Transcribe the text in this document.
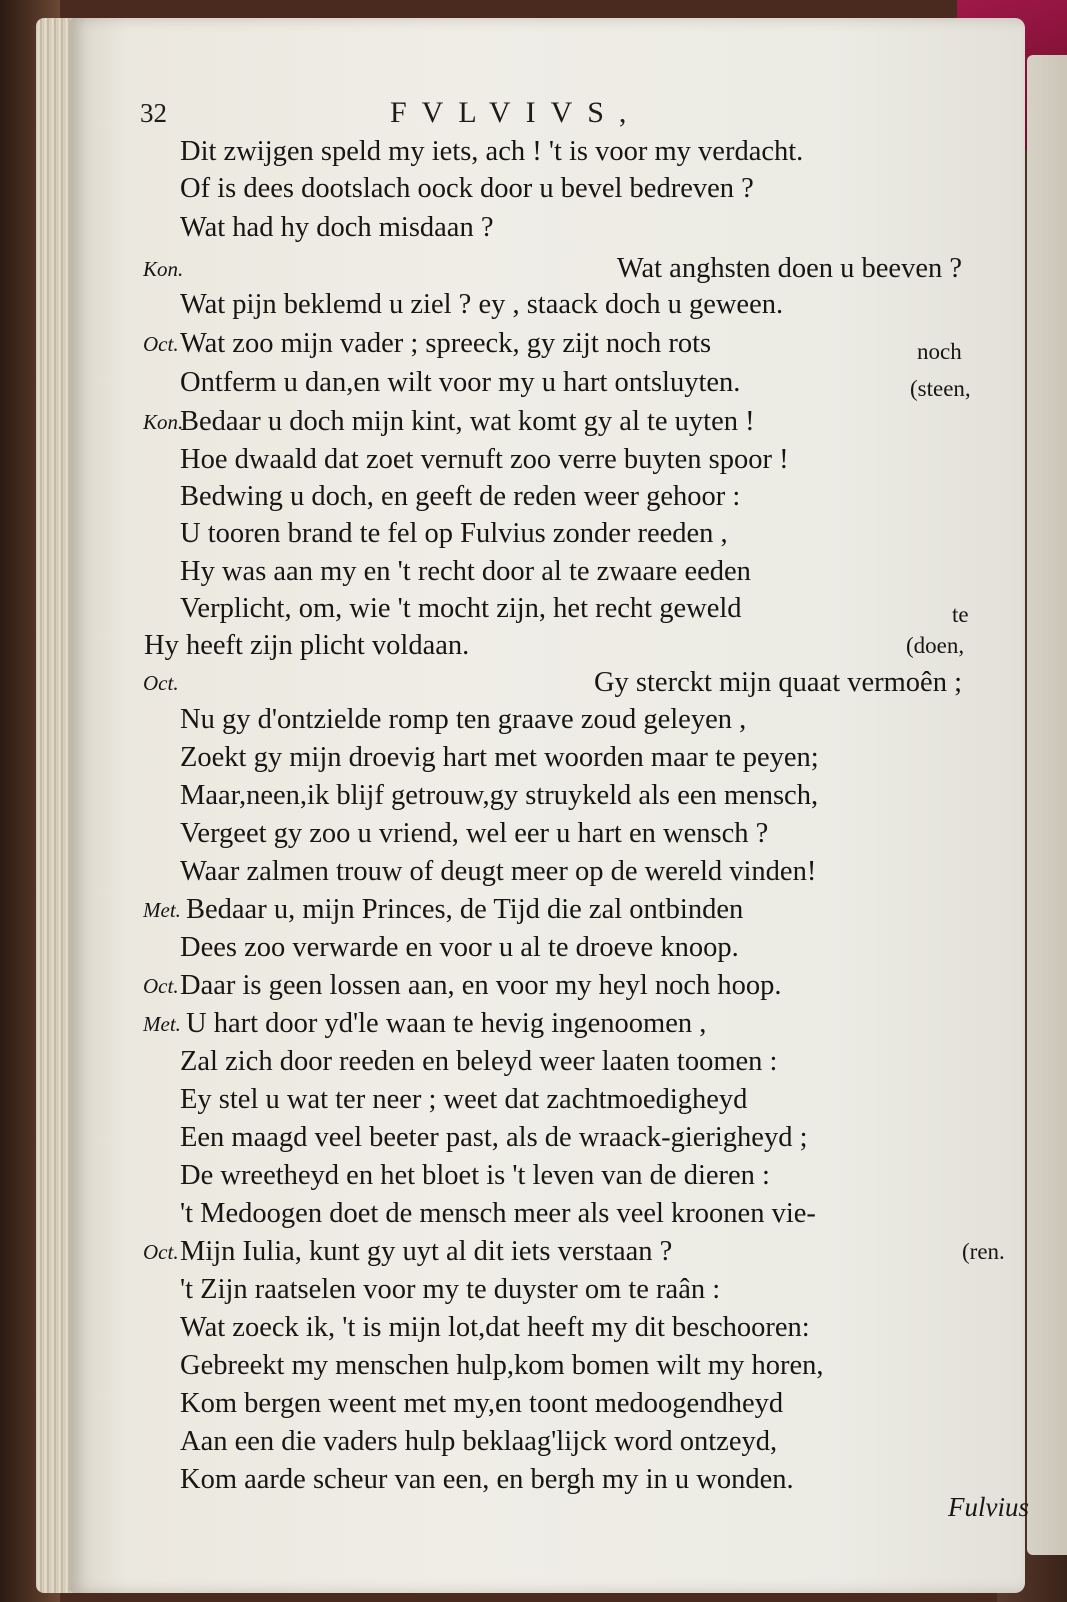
32	FVLVIVS,
Dit zwijgen speld my iets, ach ! 't is voor my verdacht.
Of is dees dootslach oock door u bevel bedreven ?
Wat had hy doch misdaan ?
Kon.	Wat anghsten doen u beeven ?
Wat pijn beklemd u ziel ? ey , staack doch u geween.
Oct. Wat zoo mijn vader ; spreeck, gy zijt noch rots	noch
Ontferm u dan,en wilt voor my u hart ontsluyten.	(steen,
Kon.
Bedaar u doch mijn kint, wat komt gy al te uyten !
Hoe dwaald dat zoet vernuft zoo verre buyten spoor !
Bedwing u doch, en geeft de reden weer gehoor :
U tooren brand te fel op Fulvius zonder reeden ,
Hy was aan my en 't recht door al te zwaare eeden
Verplicht, om, wie 't mocht zijn, het recht geweld	te
Hy heeft zijn plicht voldaan.	(doen,
Oct.	Gy sterckt mijn quaat vermoên ;
Nu gy d'ontzielde romp ten graave zoud geleyen ,
Zoekt gy mijn droevig hart met woorden maar te peyen;
Maar,neen,ik blijf getrouw,gy struykeld als een mensch,
Vergeet gy zoo u vriend, wel eer u hart en wensch ?
Waar zalmen trouw of deugt meer op de wereld vinden!
Met. Bedaar u, mijn Princes, de Tijd die zal ontbinden
Dees zoo verwarde en voor u al te droeve knoop.
Oct. Daar is geen lossen aan, en voor my heyl noch hoop.
Met. U hart door yd'le waan te hevig ingenoomen ,
Zal zich door reeden en beleyd weer laaten toomen :
Ey stel u wat ter neer ; weet dat zachtmoedigheyd
Een maagd veel beeter past, als de wraack-gierigheyd ;
De wreetheyd en het bloet is 't leven van de dieren :
't Medoogen doet de mensch meer als veel kroonen vie-
Oct. Mijn Iulia, kunt gy uyt al dit iets verstaan ?	(ren.
't Zijn raatselen voor my te duyster om te raân :
Wat zoeck ik, 't is mijn lot,dat heeft my dit beschooren:
Gebreekt my menschen hulp,kom bomen wilt my horen,
Kom bergen weent met my,en toont medoogendheyd
Aan een die vaders hulp beklaag'lijck word ontzeyd,
Kom aarde scheur van een, en bergh my in u wonden.
Fulvius
